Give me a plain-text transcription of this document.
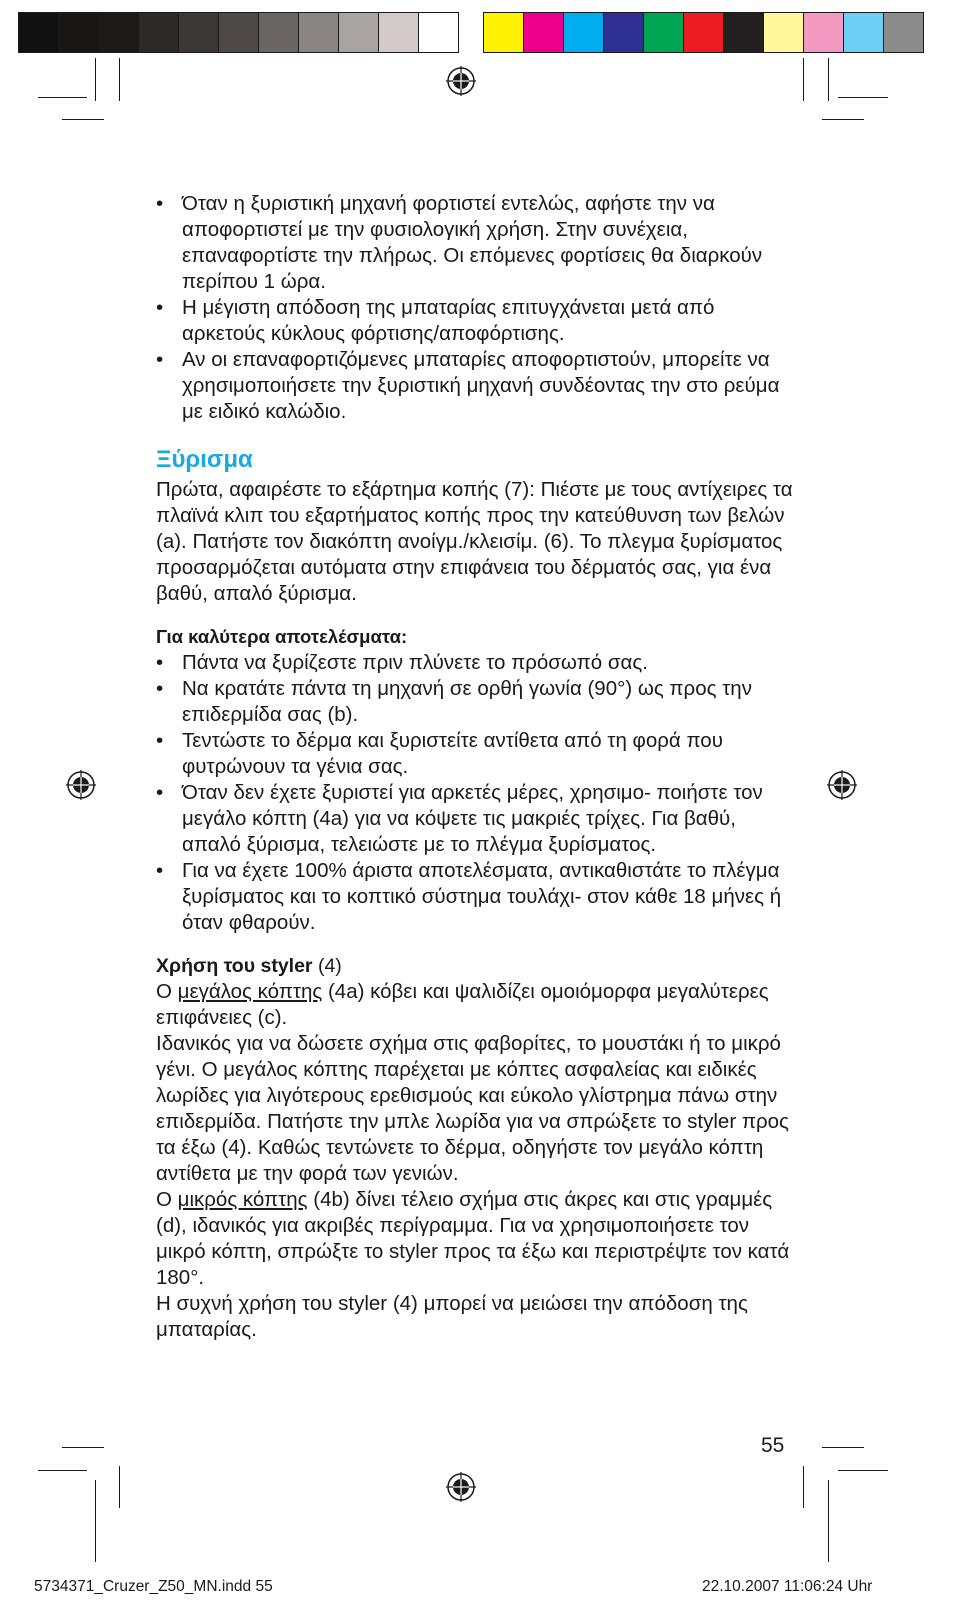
• Όταν η ξυριστική μηχανή φορτιστεί εντελώς, αφήστε την να αποφορτιστεί με την φυσιολογική χρήση. Στην συνέχεια, επαναφορτίστε την πλήρως. Οι επόμενες φορτίσεις θα διαρκούν περίπου 1 ώρα.
• Η μέγιστη απόδοση της μπαταρίας επιτυγχάνεται μετά από αρκετούς κύκλους φόρτισης/αποφόρτισης.
• Αν οι επαναφορτιζόμενες μπαταρίες αποφορτιστούν, μπορείτε να χρησιμοποιήσετε την ξυριστική μηχανή συνδέοντας την στο ρεύμα με ειδικό καλώδιο.
Ξύρισμα

Πρώτα, αφαιρέστε το εξάρτημα κοπής (7): Πιέστε με τους αντίχειρες τα πλαϊνά κλιπ του εξαρτήματος κοπής προς την κατεύθυνση των βελών (a). Πατήστε τον διακόπτη ανοίγμ./κλεισίμ. (6). Το πλεγμα ξυρίσματος προσαρμόζεται αυτόματα στην επιφάνεια του δέρματός σας, για ένα βαθύ, απαλό ξύρισμα.

Για καλύτερα αποτελέσματα:
• Πάντα να ξυρίζεστε πριν πλύνετε το πρόσωπό σας.
• Να κρατάτε πάντα τη μηχανή σε ορθή γωνία (90°) ως προς την επιδερμίδα σας (b).
• Τεντώστε το δέρμα και ξυριστείτε αντίθετα από τη φορά που φυτρώνουν τα γένια σας.
• Όταν δεν έχετε ξυριστεί για αρκετές μέρες, χρησιμο- ποιήστε τον μεγάλο κόπτη (4a) για να κόψετε τις μακριές τρίχες. Για βαθύ, απαλό ξύρισμα, τελειώστε με το πλέγμα ξυρίσματος.
• Για να έχετε 100% άριστα αποτελέσματα, αντικαθιστάτε το πλέγμα ξυρίσματος και το κοπτικό σύστημα τουλάχι- στον κάθε 18 μήνες ή όταν φθαρούν.
Χρήση του styler (4)

Ο μεγάλος κόπτης (4a) κόβει και ψαλιδίζει ομοιόμορφα μεγαλύτερες επιφάνειες (c).

Ιδανικός για να δώσετε σχήμα στις φαβορίτες, το μουστάκι ή το μικρό γένι. Ο μεγάλος κόπτης παρέχεται με κόπτες ασφαλείας και ειδικές λωρίδες για λιγότερους ερεθισμούς και εύκολο γλίστρημα πάνω στην επιδερμίδα. Πατήστε την μπλε λωρίδα για να σπρώξετε το styler προς τα έξω (4). Καθώς τεντώνετε το δέρμα, οδηγήστε τον μεγάλο κόπτη αντίθετα με την φορά των γενιών.

Ο μικρός κόπτης (4b) δίνει τέλειο σχήμα στις άκρες και στις γραμμές (d), ιδανικός για ακριβές περίγραμμα. Για να χρησιμοποιήσετε τον μικρό κόπτη, σπρώξτε το styler προς τα έξω και περιστρέψτε τον κατά 180°.

Η συχνή χρήση του styler (4) μπορεί να μειώσει την απόδοση της μπαταρίας.

55
5734371_Cruzer_Z50_MN.indd 55	22.10.2007 11:06:24 Uhr
